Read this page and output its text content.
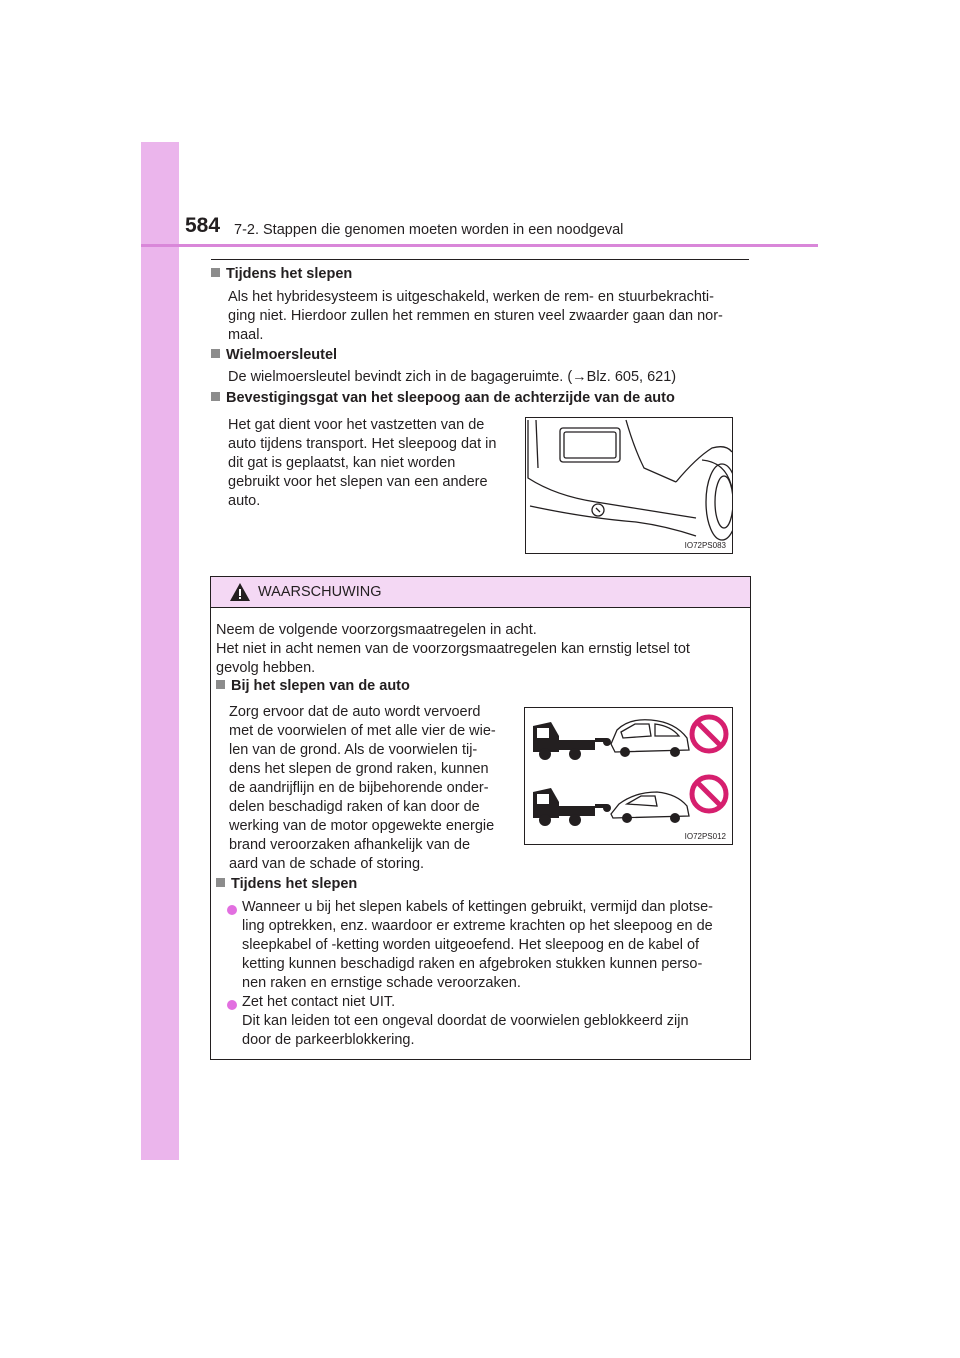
584 7-2. Stappen die genomen moeten worden in een noodgeval
Tijdens het slepen
Als het hybridesysteem is uitgeschakeld, werken de rem- en stuurbekrachti-
ging niet. Hierdoor zullen het remmen en sturen veel zwaarder gaan dan nor-
maal.
Wielmoersleutel
De wielmoersleutel bevindt zich in de bagageruimte. (→Blz. 605, 621)
Bevestigingsgat van het sleepoog aan de achterzijde van de auto
Het gat dient voor het vastzetten van de
auto tijdens transport. Het sleepoog dat in
dit gat is geplaatst, kan niet worden
gebruikt voor het slepen van een andere
auto.
IO72PS083
WAARSCHUWING
Neem de volgende voorzorgsmaatregelen in acht.
Het niet in acht nemen van de voorzorgsmaatregelen kan ernstig letsel tot
gevolg hebben.
Bij het slepen van de auto
Zorg ervoor dat de auto wordt vervoerd
met de voorwielen of met alle vier de wie-
len van de grond. Als de voorwielen tij-
dens het slepen de grond raken, kunnen
de aandrijflijn en de bijbehorende onder-
delen beschadigd raken of kan door de
werking van de motor opgewekte energie
brand veroorzaken afhankelijk van de
aard van de schade of storing.
IO72PS012
Tijdens het slepen
Wanneer u bij het slepen kabels of kettingen gebruikt, vermijd dan plotse-
ling optrekken, enz. waardoor er extreme krachten op het sleepoog en de
sleepkabel of -ketting worden uitgeoefend. Het sleepoog en de kabel of
ketting kunnen beschadigd raken en afgebroken stukken kunnen perso-
nen raken en ernstige schade veroorzaken.
Zet het contact niet UIT.
Dit kan leiden tot een ongeval doordat de voorwielen geblokkeerd zijn
door de parkeerblokkering.
